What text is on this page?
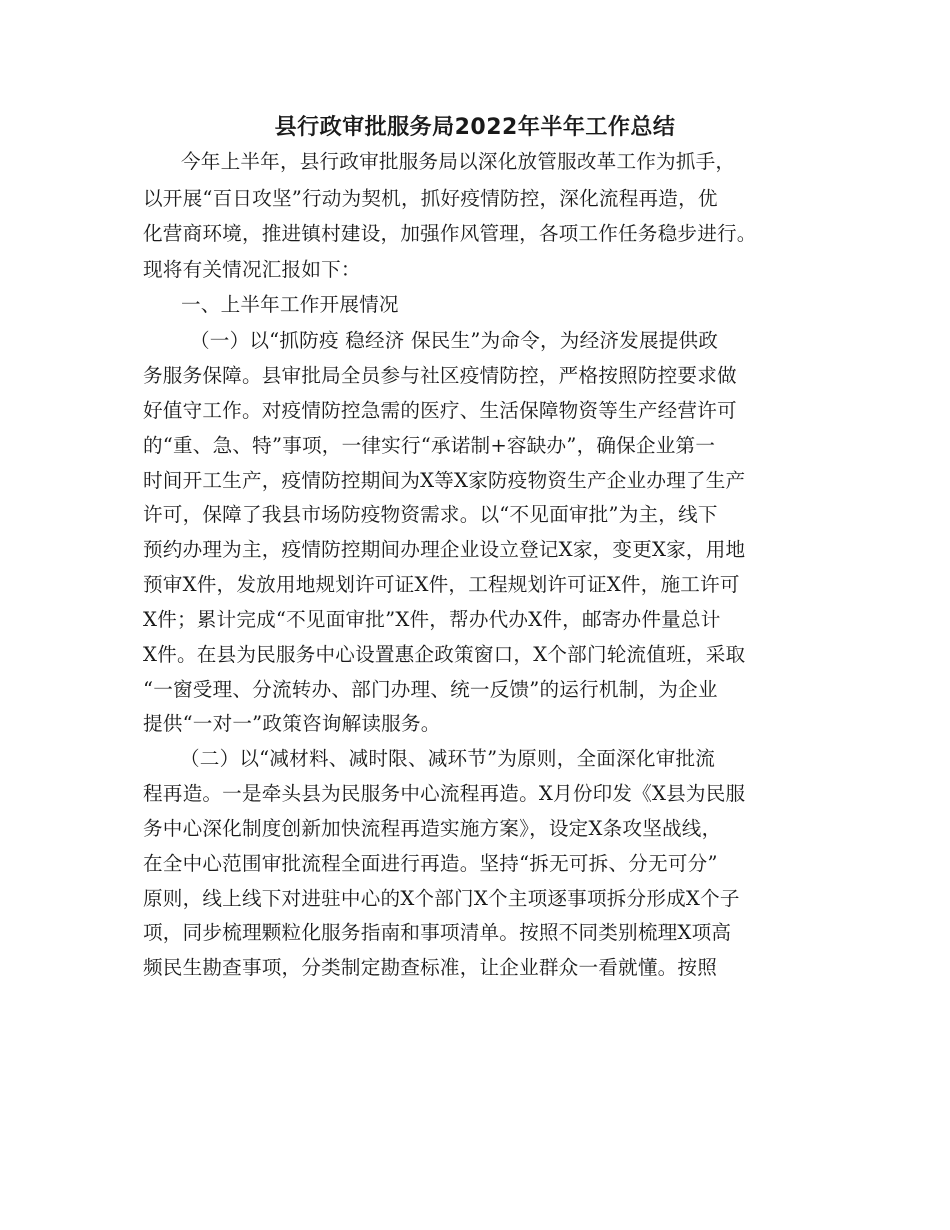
县行政审批服务局2022年半年工作总结
今年上半年，县行政审批服务局以深化放管服改革工作为抓手，
以开展“百日攻坚”行动为契机，抓好疫情防控，深化流程再造，优
化营商环境，推进镇村建设，加强作风管理，各项工作任务稳步进行。
现将有关情况汇报如下：
一、上半年工作开展情况
（一）以“抓防疫 稳经济 保民生”为命令，为经济发展提供政
务服务保障。县审批局全员参与社区疫情防控，严格按照防控要求做
好值守工作。对疫情防控急需的医疗、生活保障物资等生产经营许可
的“重、急、特”事项，一律实行“承诺制+容缺办”，确保企业第一
时间开工生产，疫情防控期间为X等X家防疫物资生产企业办理了生产
许可，保障了我县市场防疫物资需求。以“不见面审批”为主，线下
预约办理为主，疫情防控期间办理企业设立登记X家，变更X家，用地
预审X件，发放用地规划许可证X件，工程规划许可证X件，施工许可
X件；累计完成“不见面审批”X件，帮办代办X件，邮寄办件量总计
X件。在县为民服务中心设置惠企政策窗口，X个部门轮流值班，采取
“一窗受理、分流转办、部门办理、统一反馈”的运行机制，为企业
提供“一对一”政策咨询解读服务。
（二）以“减材料、减时限、减环节”为原则，全面深化审批流
程再造。一是牵头县为民服务中心流程再造。X月份印发《X县为民服
务中心深化制度创新加快流程再造实施方案》，设定X条攻坚战线，
在全中心范围审批流程全面进行再造。坚持“拆无可拆、分无可分”
原则，线上线下对进驻中心的X个部门X个主项逐事项拆分形成X个子
项，同步梳理颗粒化服务指南和事项清单。按照不同类别梳理X项高
频民生勘查事项，分类制定勘查标准，让企业群众一看就懂。按照
